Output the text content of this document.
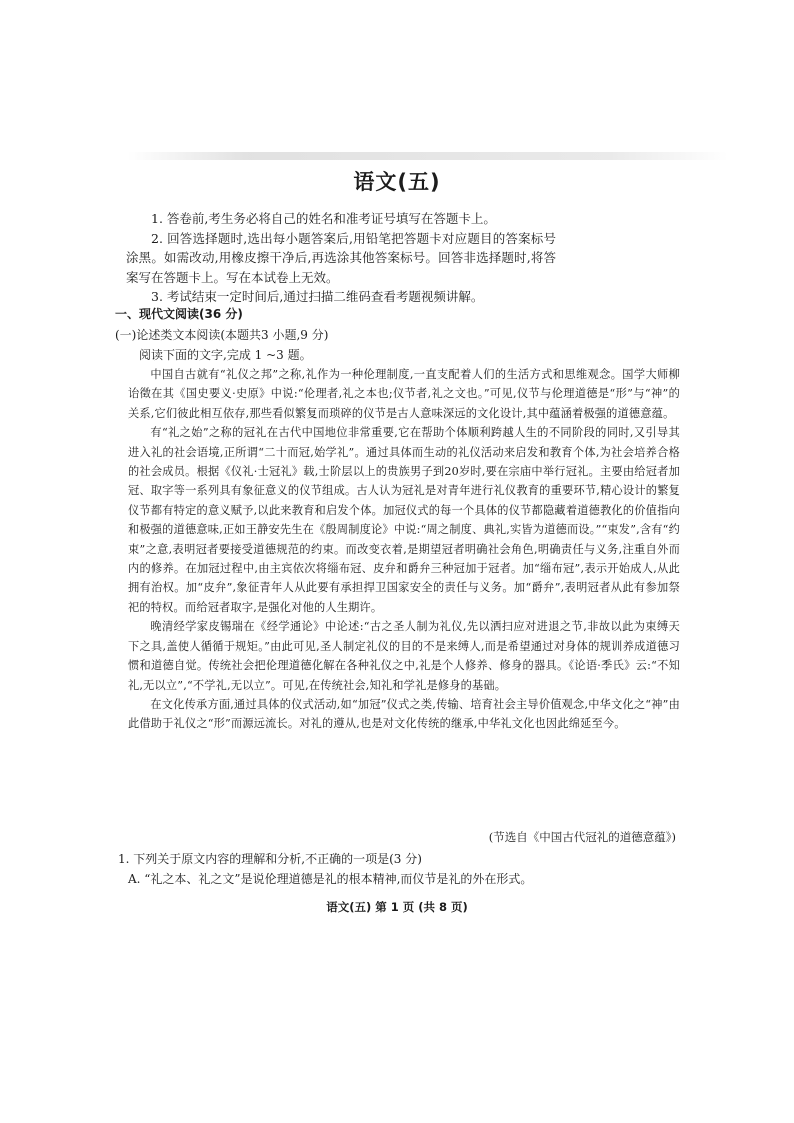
语文(五)

1. 答卷前,考生务必将自己的姓名和准考证号填写在答题卡上。

2. 回答选择题时,选出每小题答案后,用铅笔把答题卡对应题目的答案标号涂黑。如需改动,用橡皮擦干净后,再选涂其他答案标号。回答非选择题时,将答案写在答题卡上。写在本试卷上无效。

3. 考试结束一定时间后,通过扫描二维码查看考题视频讲解。

一、现代文阅读(36 分)
(一)论述类文本阅读(本题共3 小题,9 分)
阅读下面的文字,完成 1 ~3 题。

中国自古就有“礼仪之邦”之称,礼作为一种伦理制度,一直支配着人们的生活方式和思维观念。国学大师柳诒徵在其《国史要义·史原》中说:“伦理者,礼之本也;仪节者,礼之文也。”可见,仪节与伦理道德是“形”与“神”的关系,它们彼此相互依存,那些看似繁复而琐碎的仪节是古人意味深远的文化设计,其中蕴涵着极强的道德意蕴。

有“礼之始”之称的冠礼在古代中国地位非常重要,它在帮助个体顺利跨越人生的不同阶段的同时,又引导其进入礼的社会语境,正所谓“二十而冠,始学礼”。通过具体而生动的礼仪活动来启发和教育个体,为社会培养合格的社会成员。根据《仪礼·士冠礼》载,士阶层以上的贵族男子到20岁时,要在宗庙中举行冠礼。主要由给冠者加冠、取字等一系列具有象征意义的仪节组成。古人认为冠礼是对青年进行礼仪教育的重要环节,精心设计的繁复仪节都有特定的意义赋予,以此来教育和启发个体。加冠仪式的每一个具体的仪节都隐藏着道德教化的价值指向和极强的道德意味,正如王静安先生在《殷周制度论》中说:“周之制度、典礼,实皆为道德而设。”“束发”,含有“约束”之意,表明冠者要接受道德规范的约束。而改变衣着,是期望冠者明确社会角色,明确责任与义务,注重自外而内的修养。在加冠过程中,由主宾依次将缁布冠、皮弁和爵弁三种冠加于冠者。加“缁布冠”,表示开始成人,从此拥有治权。加“皮弁”,象征青年人从此要有承担捍卫国家安全的责任与义务。加“爵弁”,表明冠者从此有参加祭祀的特权。而给冠者取字,是强化对他的人生期许。

晚清经学家皮锡瑞在《经学通论》中论述:“古之圣人制为礼仪,先以洒扫应对进退之节,非故以此为束缚天下之具,盖使人循循于规矩。”由此可见,圣人制定礼仪的目的不是来缚人,而是希望通过对身体的规训养成道德习惯和道德自觉。传统社会把伦理道德化解在各种礼仪之中,礼是个人修养、修身的器具。《论语·季氏》云:“不知礼,无以立”,“不学礼,无以立”。可见,在传统社会,知礼和学礼是修身的基础。

在文化传承方面,通过具体的仪式活动,如“加冠”仪式之类,传输、培育社会主导价值观念,中华文化之“神”由此借助于礼仪之“形”而源远流长。对礼的遵从,也是对文化传统的继承,中华礼文化也因此绵延至今。

(节选自《中国古代冠礼的道德意蕴》)
1. 下列关于原文内容的理解和分析,不正确的一项是(3 分)
A. “礼之本、礼之文”是说伦理道德是礼的根本精神,而仪节是礼的外在形式。
语文(五) 第 1 页 (共 8 页)
